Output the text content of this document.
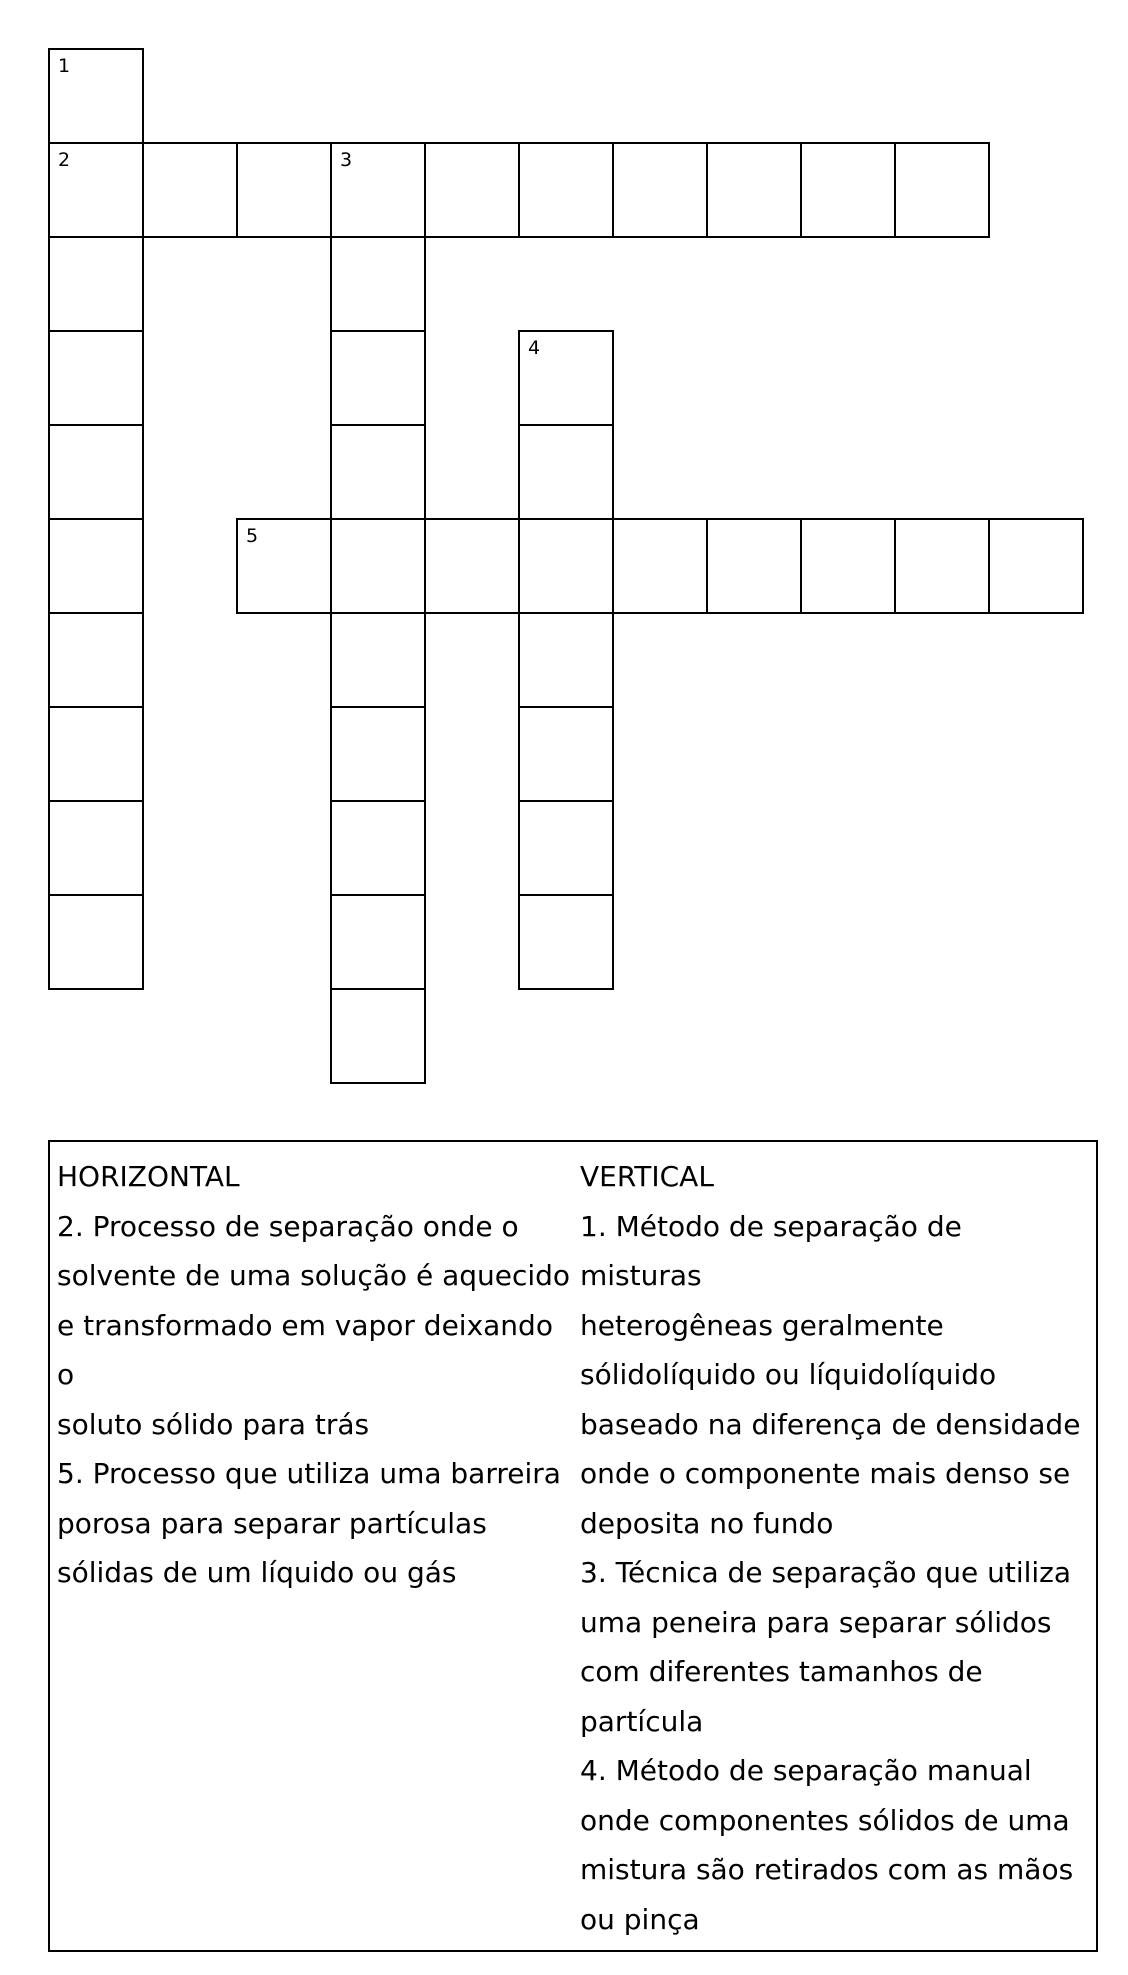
1
2	3
4
5
HORIZONTAL
2. Processo de separação onde o
solvente de uma solução é aquecido
e transformado em vapor deixando o
soluto sólido para trás
5. Processo que utiliza uma barreira
porosa para separar partículas
sólidas de um líquido ou gás
VERTICAL
1. Método de separação de misturas
heterogêneas geralmente
sólidolíquido ou líquidolíquido
baseado na diferença de densidade
onde o componente mais denso se
deposita no fundo
3. Técnica de separação que utiliza
uma peneira para separar sólidos
com diferentes tamanhos de
partícula
4. Método de separação manual
onde componentes sólidos de uma
mistura são retirados com as mãos
ou pinça
